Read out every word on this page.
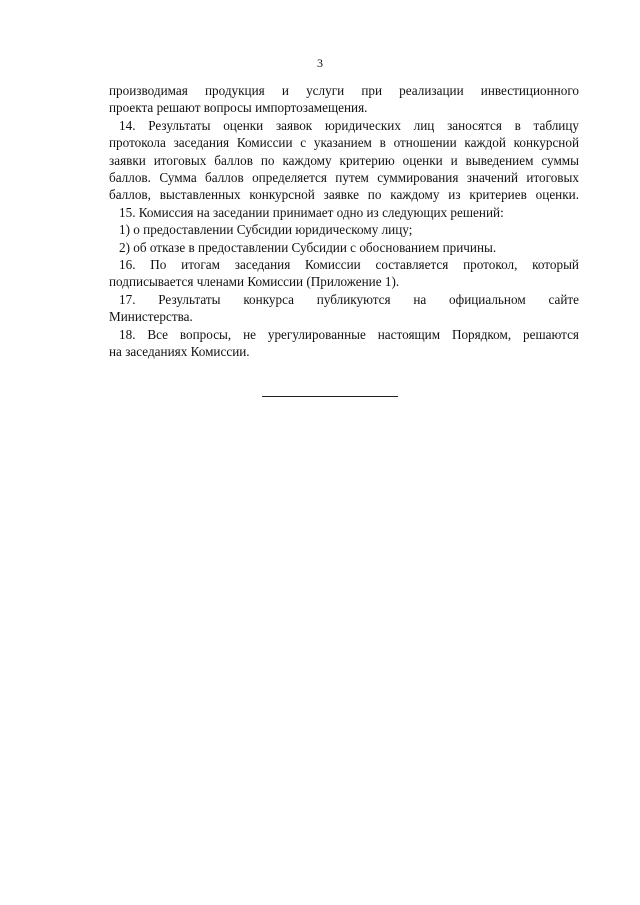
3
производимая продукция и услуги при реализации инвестиционного
проекта решают вопросы импортозамещения.
14. Результаты оценки заявок юридических лиц заносятся в таблицу
протокола заседания Комиссии с указанием в отношении каждой конкурсной
заявки итоговых баллов по каждому критерию оценки и выведением суммы
баллов. Сумма баллов определяется путем суммирования значений итоговых
баллов, выставленных конкурсной заявке по каждому из критериев оценки.
15. Комиссия на заседании принимает одно из следующих решений:
1) о предоставлении Субсидии юридическому лицу;
2) об отказе в предоставлении Субсидии с обоснованием причины.
16. По итогам заседания Комиссии составляется протокол, который
подписывается членами Комиссии (Приложение 1).
17. Результаты конкурса публикуются на официальном сайте
Министерства.
18. Все вопросы, не урегулированные настоящим Порядком, решаются
на заседаниях Комиссии.
